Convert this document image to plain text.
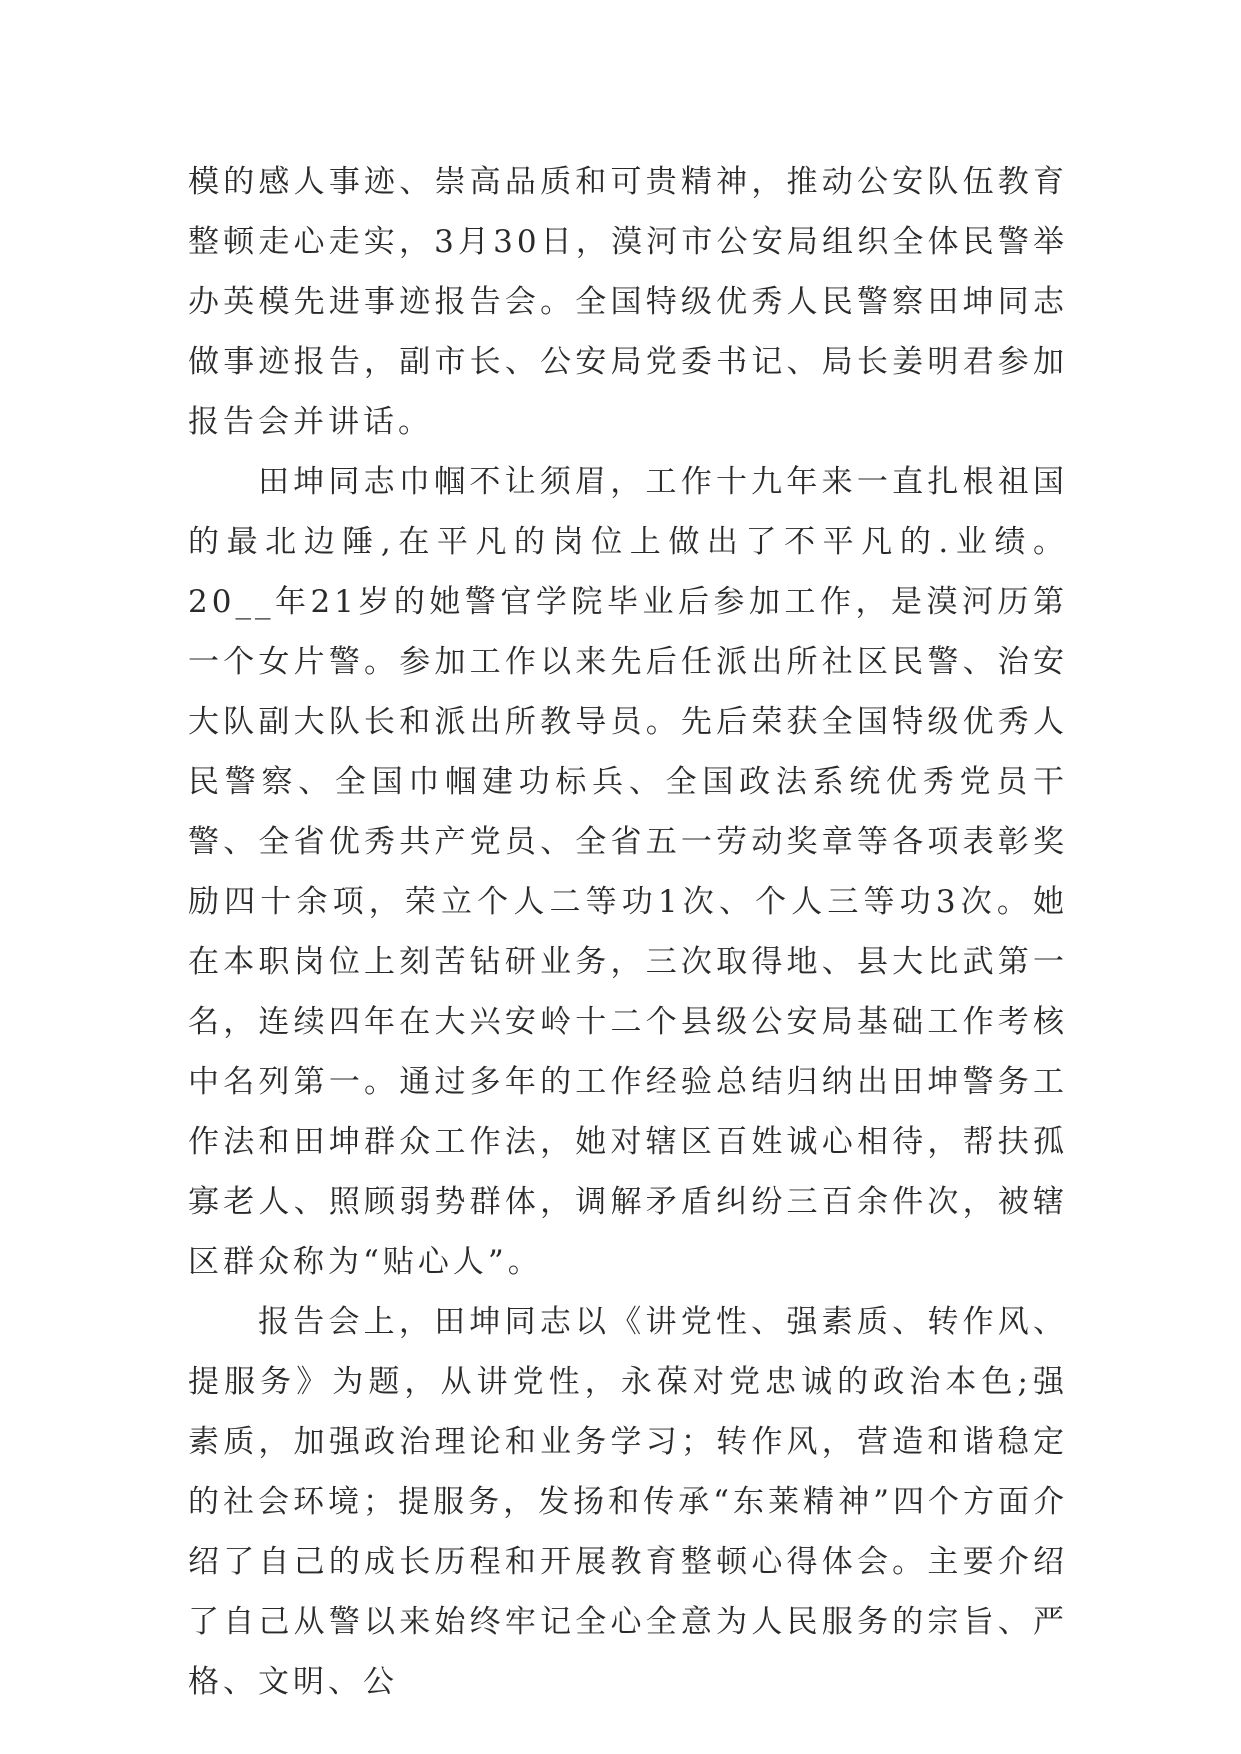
模的感人事迹、崇高品质和可贵精神，推动公安队伍教育整顿走心走实，3月30日，漠河市公安局组织全体民警举办英模先进事迹报告会。全国特级优秀人民警察田坤同志做事迹报告，副市长、公安局党委书记、局长姜明君参加报告会并讲话。

田坤同志巾帼不让须眉，工作十九年来一直扎根祖国的最北边陲,在平凡的岗位上做出了不平凡的.业绩。20__年21岁的她警官学院毕业后参加工作，是漠河历第一个女片警。参加工作以来先后任派出所社区民警、治安大队副大队长和派出所教导员。先后荣获全国特级优秀人民警察、全国巾帼建功标兵、全国政法系统优秀党员干警、全省优秀共产党员、全省五一劳动奖章等各项表彰奖励四十余项，荣立个人二等功1次、个人三等功3次。她在本职岗位上刻苦钻研业务，三次取得地、县大比武第一名，连续四年在大兴安岭十二个县级公安局基础工作考核中名列第一。通过多年的工作经验总结归纳出田坤警务工作法和田坤群众工作法，她对辖区百姓诚心相待，帮扶孤寡老人、照顾弱势群体，调解矛盾纠纷三百余件次，被辖区群众称为“贴心人”。

报告会上，田坤同志以《讲党性、强素质、转作风、提服务》为题，从讲党性，永葆对党忠诚的政治本色;强素质，加强政治理论和业务学习；转作风，营造和谐稳定的社会环境；提服务，发扬和传承“东莱精神”四个方面介绍了自己的成长历程和开展教育整顿心得体会。主要介绍了自己从警以来始终牢记全心全意为人民服务的宗旨、严格、文明、公
